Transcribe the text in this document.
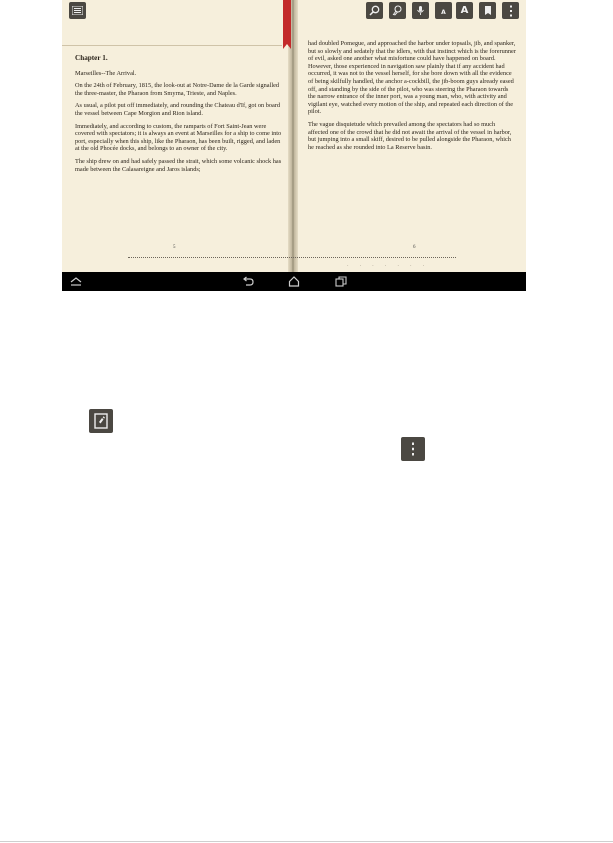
A A

Chapter 1.

Marseilles--The Arrival.

On the 24th of February, 1815, the look-out at Notre-Dame de la Garde signalled the three-master, the Pharaon from Smyrna, Trieste, and Naples.

As usual, a pilot put off immediately, and rounding the Chateau d'If, got on board the vessel between Cape Morgion and Rion island.

Immediately, and according to custom, the ramparts of Fort Saint-Jean were covered with spectators; it is always an event at Marseilles for a ship to come into port, especially when this ship, like the Pharaon, has been built, rigged, and laden at the old Phocée docks, and belongs to an owner of the city.

The ship drew on and had safely passed the strait, which some volcanic shock has made between the Calasareigne and Jaros islands;

had doubled Pomegue, and approached the harbor under topsails, jib, and spanker, but so slowly and sedately that the idlers, with that instinct which is the forerunner of evil, asked one another what misfortune could have happened on board. However, those experienced in navigation saw plainly that if any accident had occurred, it was not to the vessel herself, for she bore down with all the evidence of being skilfully handled, the anchor a-cockbill, the jib-boom guys already eased off, and standing by the side of the pilot, who was steering the Pharaon towards the narrow entrance of the inner port, was a young man, who, with activity and vigilant eye, watched every motion of the ship, and repeated each direction of the pilot.

The vague disquietude which prevailed among the spectators had so much affected one of the crowd that he did not await the arrival of the vessel in harbor, but jumping into a small skiff, desired to be pulled alongside the Pharaon, which he reached as she rounded into La Reserve basin.

5	6
·······
